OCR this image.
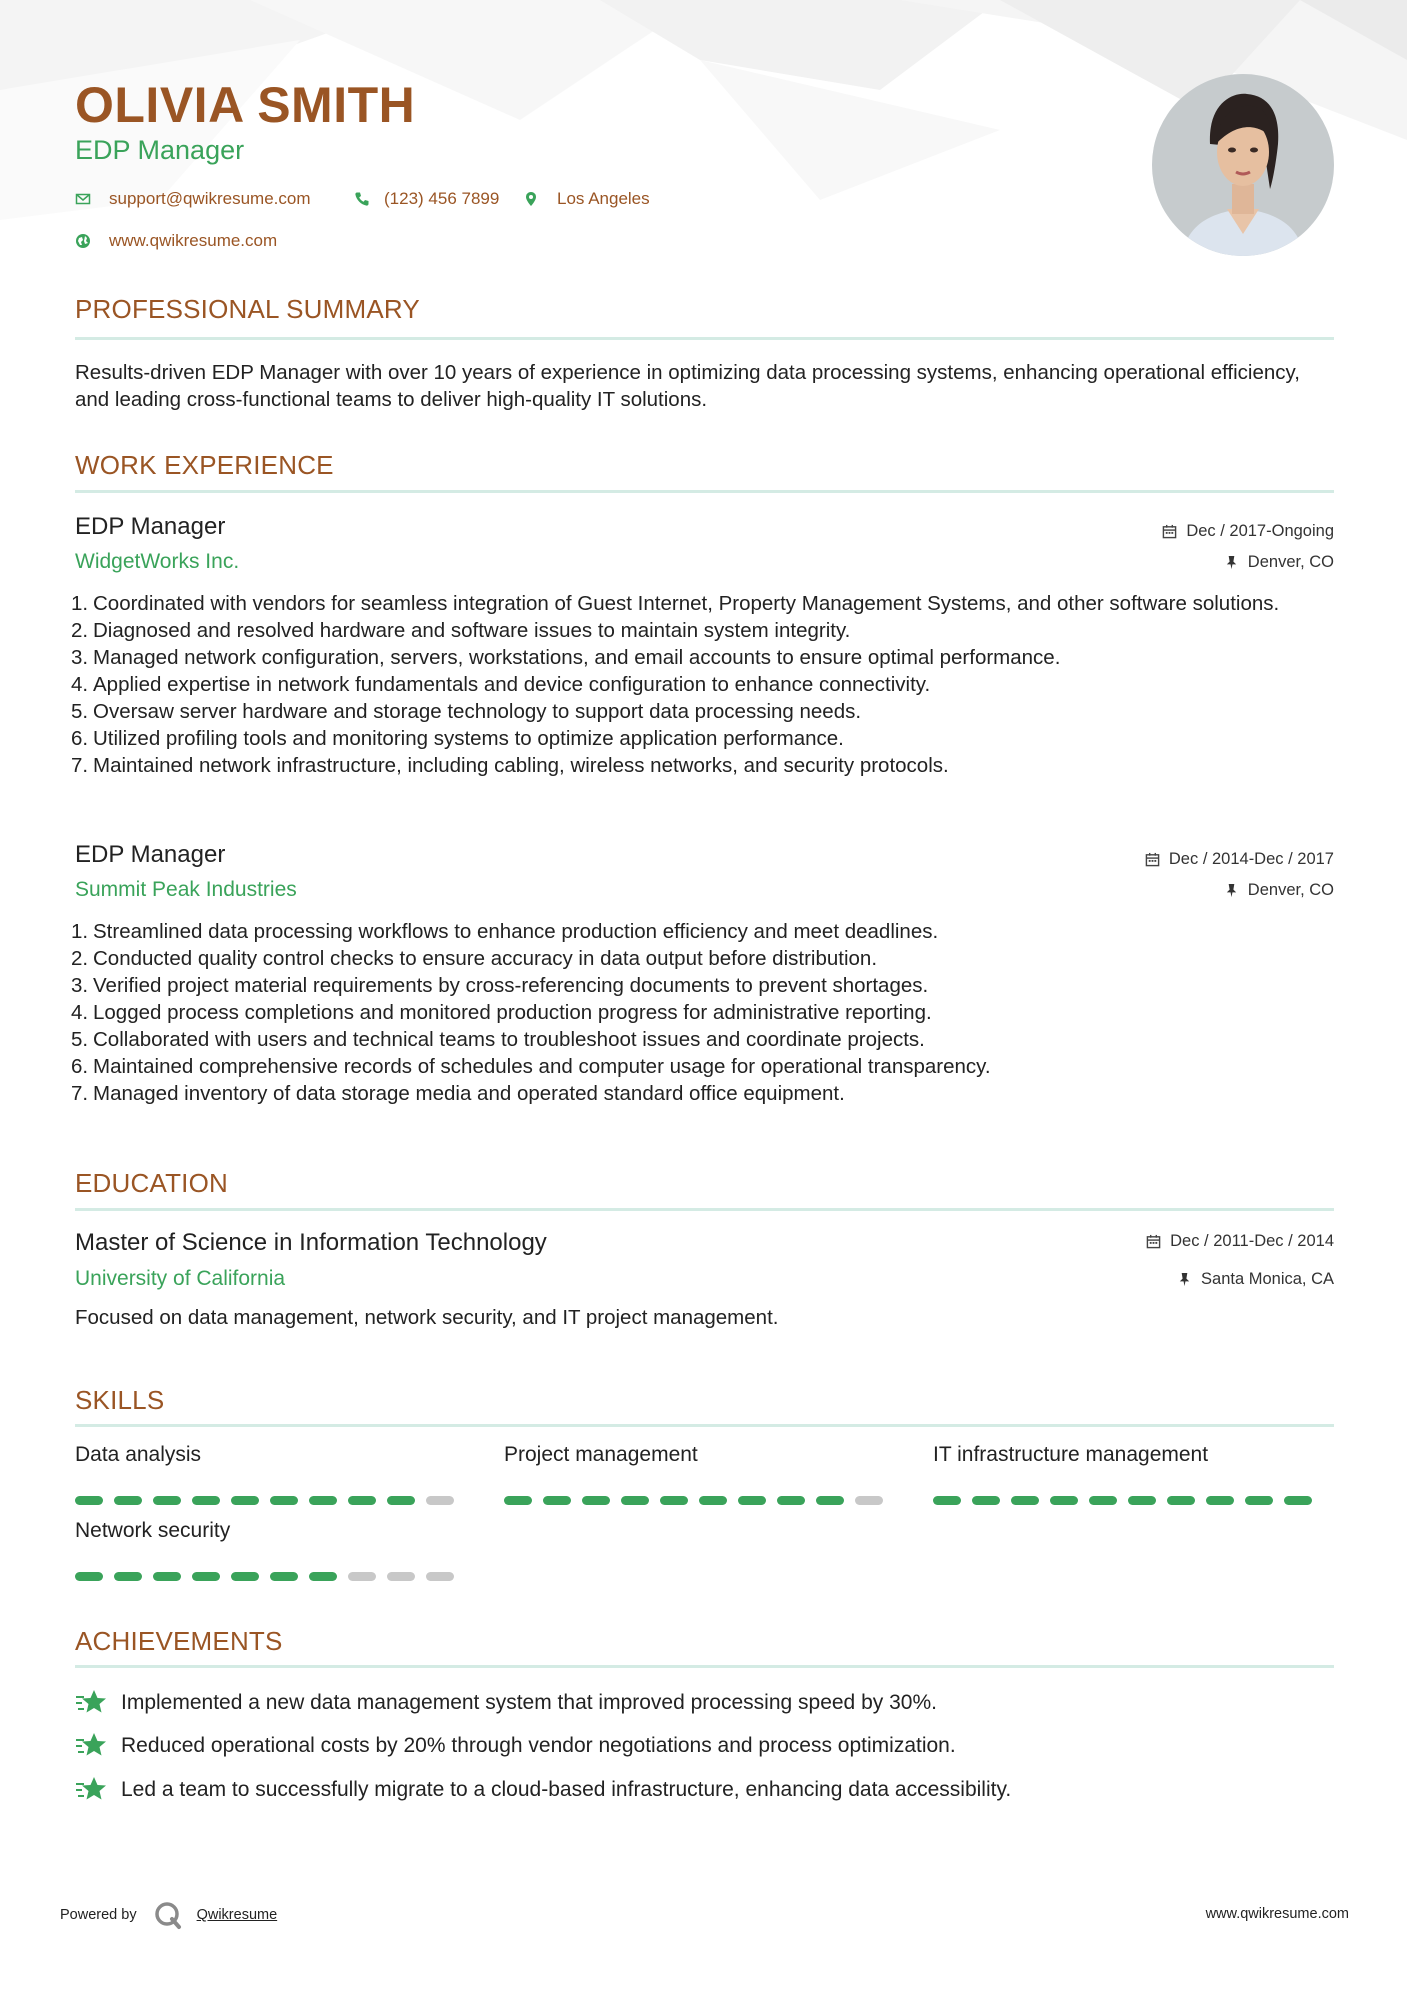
OLIVIA SMITH
EDP Manager
support@qwikresume.com	(123) 456 7899	Los Angeles
www.qwikresume.com
PROFESSIONAL SUMMARY
Results-driven EDP Manager with over 10 years of experience in optimizing data processing systems, enhancing operational efficiency, and leading cross-functional teams to deliver high-quality IT solutions.
WORK EXPERIENCE
EDP Manager	Dec / 2017-Ongoing
WidgetWorks Inc.	Denver, CO
1. Coordinated with vendors for seamless integration of Guest Internet, Property Management Systems, and other software solutions.
2. Diagnosed and resolved hardware and software issues to maintain system integrity.
3. Managed network configuration, servers, workstations, and email accounts to ensure optimal performance.
4. Applied expertise in network fundamentals and device configuration to enhance connectivity.
5. Oversaw server hardware and storage technology to support data processing needs.
6. Utilized profiling tools and monitoring systems to optimize application performance.
7. Maintained network infrastructure, including cabling, wireless networks, and security protocols.
EDP Manager	Dec / 2014-Dec / 2017
Summit Peak Industries	Denver, CO
1. Streamlined data processing workflows to enhance production efficiency and meet deadlines.
2. Conducted quality control checks to ensure accuracy in data output before distribution.
3. Verified project material requirements by cross-referencing documents to prevent shortages.
4. Logged process completions and monitored production progress for administrative reporting.
5. Collaborated with users and technical teams to troubleshoot issues and coordinate projects.
6. Maintained comprehensive records of schedules and computer usage for operational transparency.
7. Managed inventory of data storage media and operated standard office equipment.
EDUCATION
Master of Science in Information Technology	Dec / 2011-Dec / 2014
University of California	Santa Monica, CA
Focused on data management, network security, and IT project management.
SKILLS
Data analysis	Project management	IT infrastructure management
Network security
ACHIEVEMENTS
Implemented a new data management system that improved processing speed by 30%.
Reduced operational costs by 20% through vendor negotiations and process optimization.
Led a team to successfully migrate to a cloud-based infrastructure, enhancing data accessibility.
Powered by	Qwikresume	www.qwikresume.com
